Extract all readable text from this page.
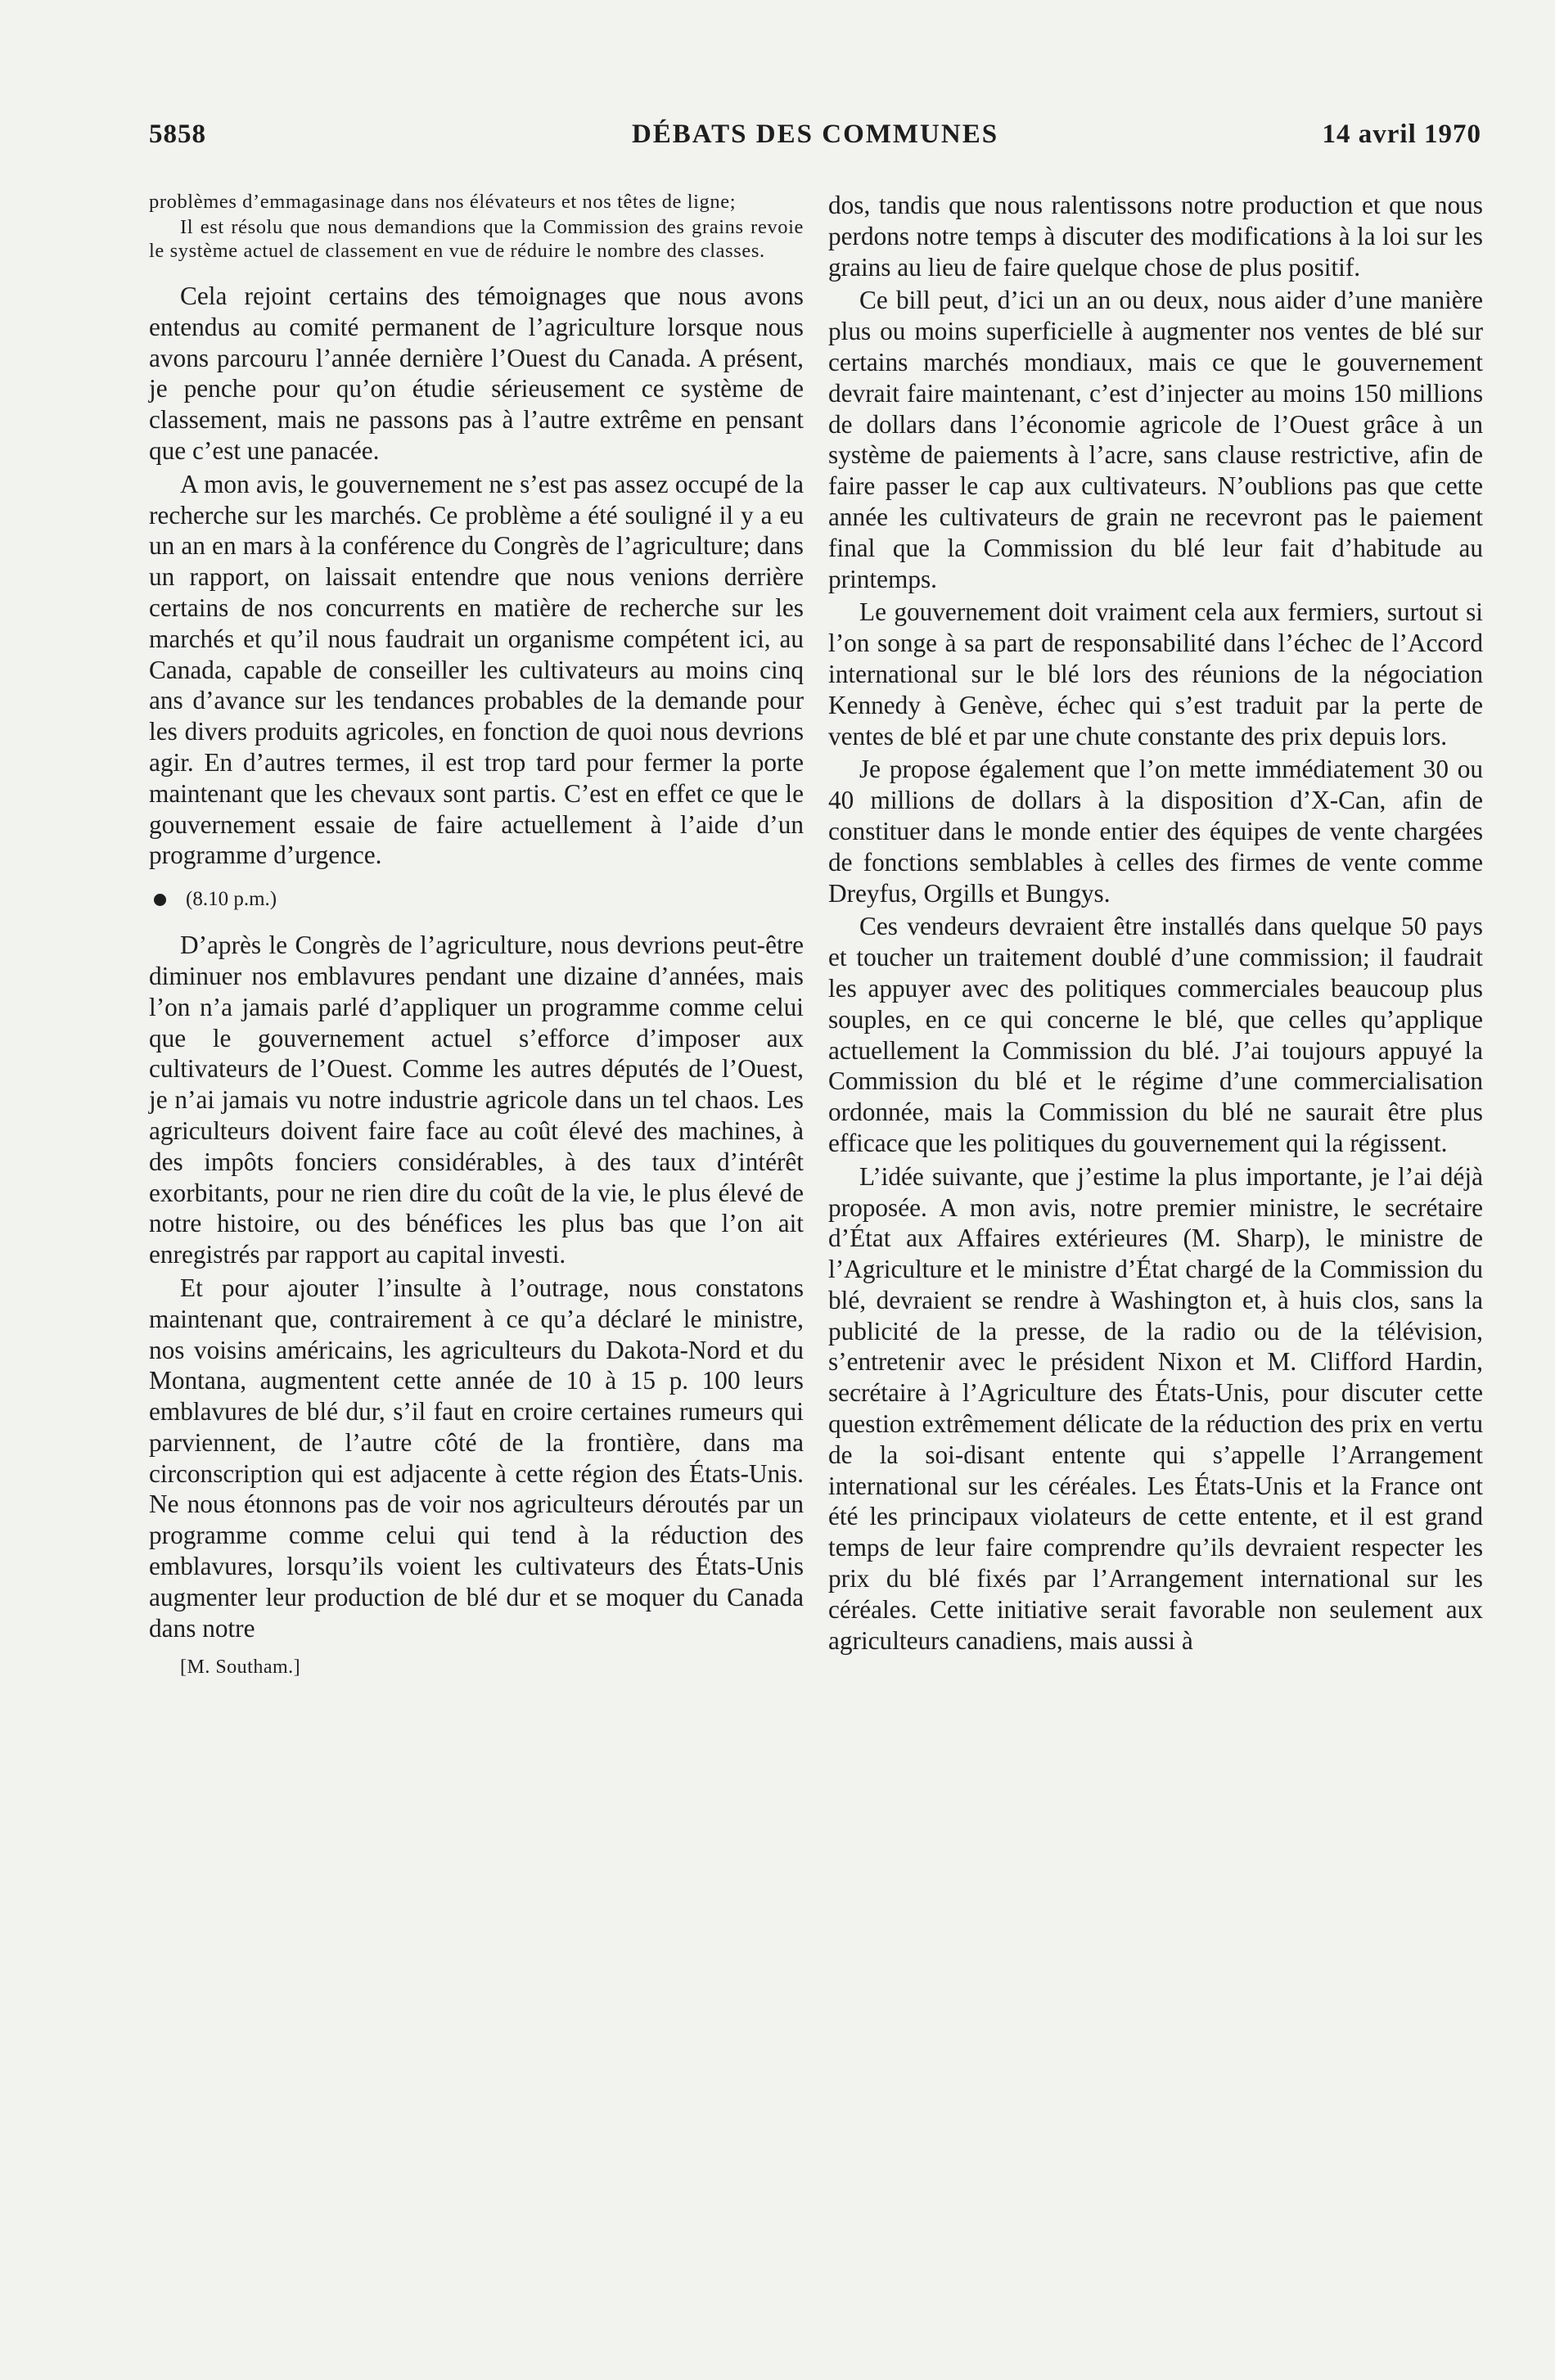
5858	DÉBATS DES COMMUNES	14 avril 1970

problèmes d’emmagasinage dans nos élévateurs et nos têtes de ligne;

Il est résolu que nous demandions que la Commission des grains revoie le système actuel de classement en vue de réduire le nombre des classes.

Cela rejoint certains des témoignages que nous avons entendus au comité permanent de l’agriculture lorsque nous avons parcouru l’année dernière l’Ouest du Canada. A présent, je penche pour qu’on étudie sérieusement ce système de classement, mais ne passons pas à l’autre extrême en pensant que c’est une panacée.

A mon avis, le gouvernement ne s’est pas assez occupé de la recherche sur les marchés. Ce problème a été souligné il y a eu un an en mars à la conférence du Congrès de l’agriculture; dans un rapport, on laissait entendre que nous venions derrière certains de nos concurrents en matière de recherche sur les marchés et qu’il nous faudrait un organisme compétent ici, au Canada, capable de conseiller les cultivateurs au moins cinq ans d’avance sur les tendances probables de la demande pour les divers produits agricoles, en fonction de quoi nous devrions agir. En d’autres termes, il est trop tard pour fermer la porte maintenant que les chevaux sont partis. C’est en effet ce que le gouvernement essaie de faire actuellement à l’aide d’un programme d’urgence.

(8.10 p.m.)

D’après le Congrès de l’agriculture, nous devrions peut-être diminuer nos emblavures pendant une dizaine d’années, mais l’on n’a jamais parlé d’appliquer un programme comme celui que le gouvernement actuel s’efforce d’imposer aux cultivateurs de l’Ouest. Comme les autres députés de l’Ouest, je n’ai jamais vu notre industrie agricole dans un tel chaos. Les agriculteurs doivent faire face au coût élevé des machines, à des impôts fonciers considérables, à des taux d’intérêt exorbitants, pour ne rien dire du coût de la vie, le plus élevé de notre histoire, ou des bénéfices les plus bas que l’on ait enregistrés par rapport au capital investi.

Et pour ajouter l’insulte à l’outrage, nous constatons maintenant que, contrairement à ce qu’a déclaré le ministre, nos voisins américains, les agriculteurs du Dakota-Nord et du Montana, augmentent cette année de 10 à 15 p. 100 leurs emblavures de blé dur, s’il faut en croire certaines rumeurs qui parviennent, de l’autre côté de la frontière, dans ma circonscription qui est adjacente à cette région des États-Unis. Ne nous étonnons pas de voir nos agriculteurs déroutés par un programme comme celui qui tend à la réduction des emblavures, lorsqu’ils voient les cultivateurs des États-Unis augmenter leur production de blé dur et se moquer du Canada dans notre

[M. Southam.]

dos, tandis que nous ralentissons notre production et que nous perdons notre temps à discuter des modifications à la loi sur les grains au lieu de faire quelque chose de plus positif.

Ce bill peut, d’ici un an ou deux, nous aider d’une manière plus ou moins superficielle à augmenter nos ventes de blé sur certains marchés mondiaux, mais ce que le gouvernement devrait faire maintenant, c’est d’injecter au moins 150 millions de dollars dans l’économie agricole de l’Ouest grâce à un système de paiements à l’acre, sans clause restrictive, afin de faire passer le cap aux cultivateurs. N’oublions pas que cette année les cultivateurs de grain ne recevront pas le paiement final que la Commission du blé leur fait d’habitude au printemps.

Le gouvernement doit vraiment cela aux fermiers, surtout si l’on songe à sa part de responsabilité dans l’échec de l’Accord international sur le blé lors des réunions de la négociation Kennedy à Genève, échec qui s’est traduit par la perte de ventes de blé et par une chute constante des prix depuis lors.

Je propose également que l’on mette immédiatement 30 ou 40 millions de dollars à la disposition d’X-Can, afin de constituer dans le monde entier des équipes de vente chargées de fonctions semblables à celles des firmes de vente comme Dreyfus, Orgills et Bungys.

Ces vendeurs devraient être installés dans quelque 50 pays et toucher un traitement doublé d’une commission; il faudrait les appuyer avec des politiques commerciales beaucoup plus souples, en ce qui concerne le blé, que celles qu’applique actuellement la Commission du blé. J’ai toujours appuyé la Commission du blé et le régime d’une commercialisation ordonnée, mais la Commission du blé ne saurait être plus efficace que les politiques du gouvernement qui la régissent.

L’idée suivante, que j’estime la plus importante, je l’ai déjà proposée. A mon avis, notre premier ministre, le secrétaire d’État aux Affaires extérieures (M. Sharp), le ministre de l’Agriculture et le ministre d’État chargé de la Commission du blé, devraient se rendre à Washington et, à huis clos, sans la publicité de la presse, de la radio ou de la télévision, s’entretenir avec le président Nixon et M. Clifford Hardin, secrétaire à l’Agriculture des États-Unis, pour discuter cette question extrêmement délicate de la réduction des prix en vertu de la soi-disant entente qui s’appelle l’Arrangement international sur les céréales. Les États-Unis et la France ont été les principaux violateurs de cette entente, et il est grand temps de leur faire comprendre qu’ils devraient respecter les prix du blé fixés par l’Arrangement international sur les céréales. Cette initiative serait favorable non seulement aux agriculteurs canadiens, mais aussi à
